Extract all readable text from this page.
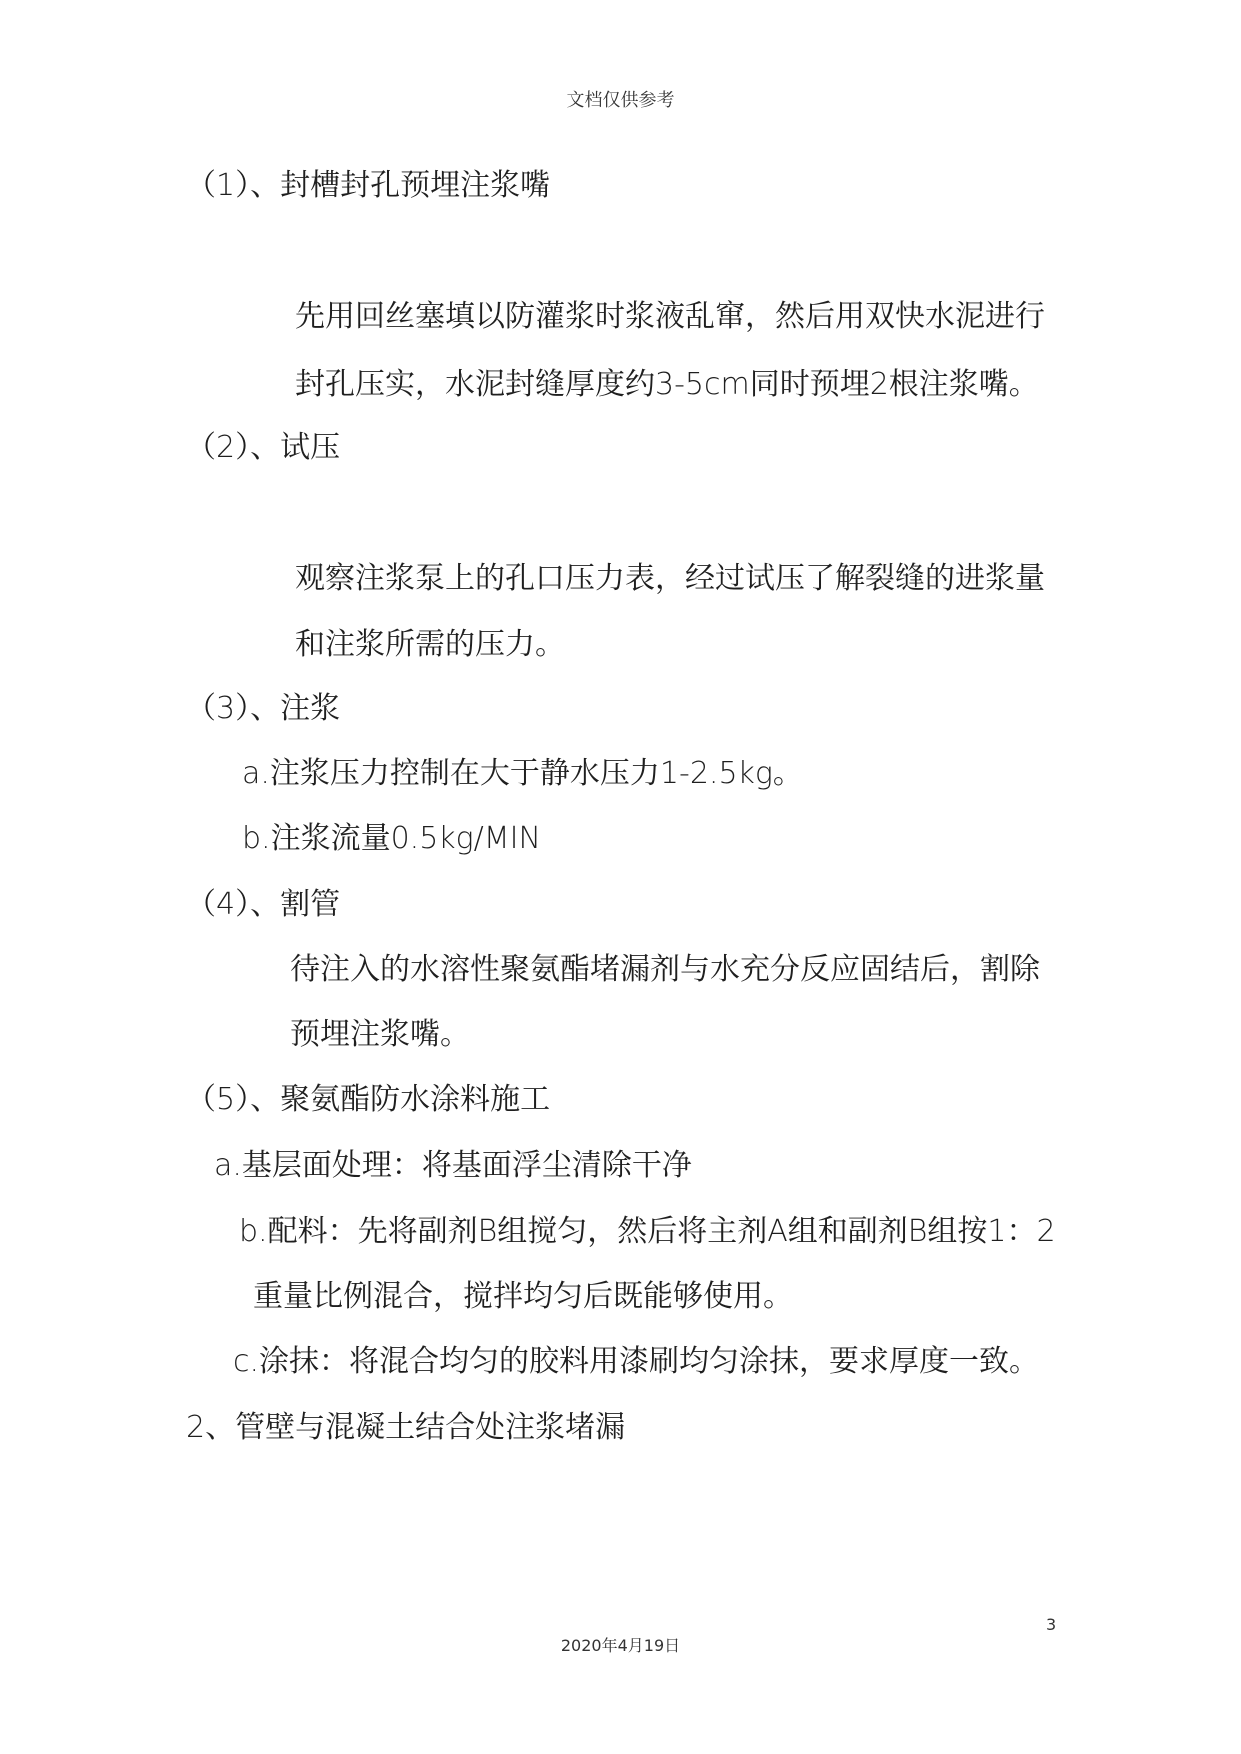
文档仅供参考
（1）、封槽封孔预埋注浆嘴
先用回丝塞填以防灌浆时浆液乱窜，然后用双快水泥进行
封孔压实，水泥封缝厚度约3-5cm同时预埋2根注浆嘴。
（2）、试压
观察注浆泵上的孔口压力表，经过试压了解裂缝的进浆量
和注浆所需的压力。
（3）、注浆
a.注浆压力控制在大于静水压力1-2.5kg。
b.注浆流量0.5kg/MIN
（4）、割管
待注入的水溶性聚氨酯堵漏剂与水充分反应固结后，割除
预埋注浆嘴。
（5）、聚氨酯防水涂料施工
a.基层面处理：将基面浮尘清除干净
b.配料：先将副剂B组搅匀，然后将主剂A组和副剂B组按1：2
重量比例混合，搅拌均匀后既能够使用。
c.涂抹：将混合均匀的胶料用漆刷均匀涂抹，要求厚度一致。
2、管壁与混凝土结合处注浆堵漏
3
2020年4月19日
